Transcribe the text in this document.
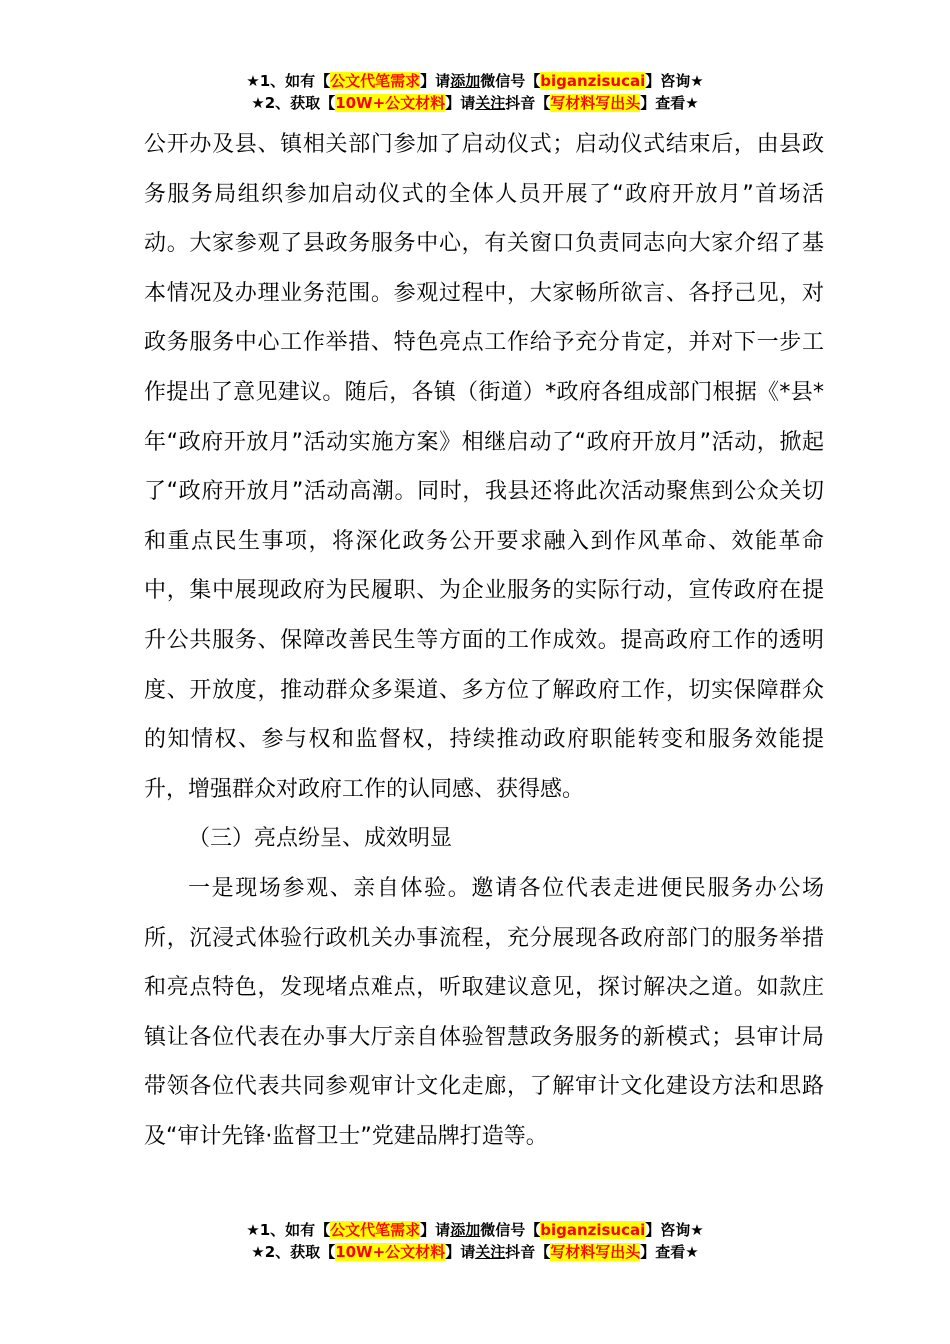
★1、如有【公文代笔需求】请添加微信号【biganzisucai】咨询★
★2、获取【10W+公文材料】请关注抖音【写材料写出头】查看★

公开办及县、镇相关部门参加了启动仪式；启动仪式结束后，由县政务服务局组织参加启动仪式的全体人员开展了“政府开放月”首场活动。大家参观了县政务服务中心，有关窗口负责同志向大家介绍了基本情况及办理业务范围。参观过程中，大家畅所欲言、各抒己见，对政务服务中心工作举措、特色亮点工作给予充分肯定，并对下一步工作提出了意见建议。随后，各镇（街道）*政府各组成部门根据《*县*年“政府开放月”活动实施方案》相继启动了“政府开放月”活动，掀起了“政府开放月”活动高潮。同时，我县还将此次活动聚焦到公众关切和重点民生事项，将深化政务公开要求融入到作风革命、效能革命中，集中展现政府为民履职、为企业服务的实际行动，宣传政府在提升公共服务、保障改善民生等方面的工作成效。提高政府工作的透明度、开放度，推动群众多渠道、多方位了解政府工作，切实保障群众的知情权、参与权和监督权，持续推动政府职能转变和服务效能提升，增强群众对政府工作的认同感、获得感。

（三）亮点纷呈、成效明显

一是现场参观、亲自体验。邀请各位代表走进便民服务办公场所，沉浸式体验行政机关办事流程，充分展现各政府部门的服务举措和亮点特色，发现堵点难点，听取建议意见，探讨解决之道。如款庄镇让各位代表在办事大厅亲自体验智慧政务服务的新模式；县审计局带领各位代表共同参观审计文化走廊，了解审计文化建设方法和思路及“审计先锋·监督卫士”党建品牌打造等。

★1、如有【公文代笔需求】请添加微信号【biganzisucai】咨询★
★2、获取【10W+公文材料】请关注抖音【写材料写出头】查看★
